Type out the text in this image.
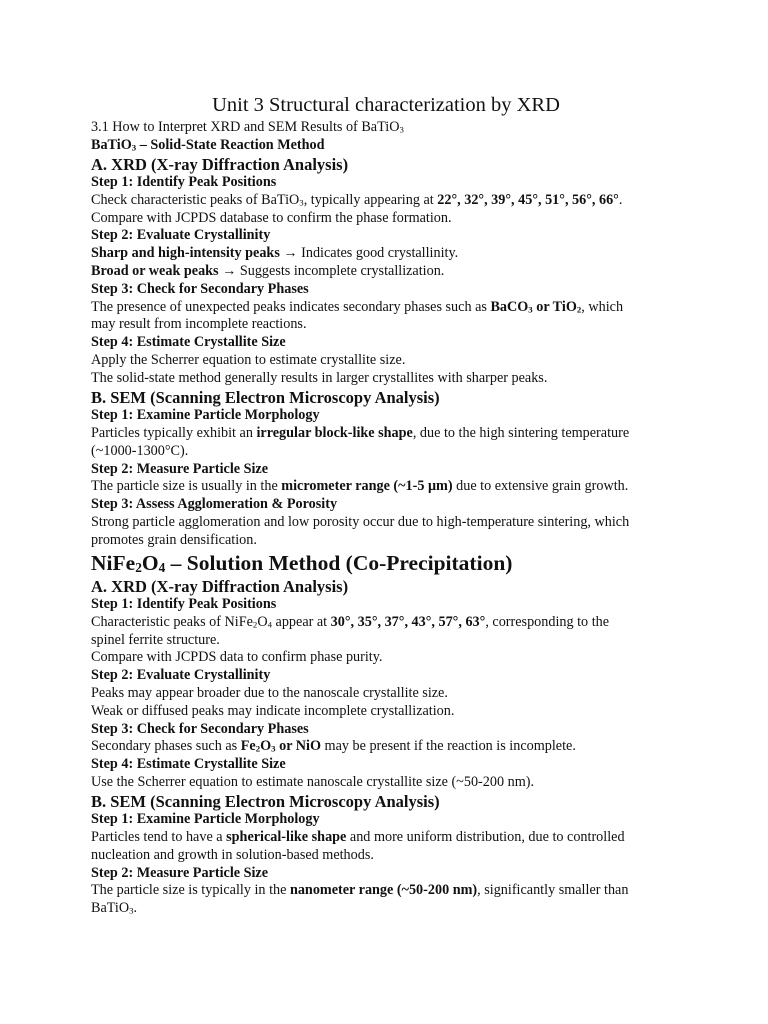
Unit 3 Structural characterization by XRD
3.1 How to Interpret XRD and SEM Results of BaTiO$_3$
BaTiO$_3$ – Solid-State Reaction Method
A. XRD (X-ray Diffraction Analysis)
Step 1: Identify Peak Positions
Check characteristic peaks of BaTiO$_3$, typically appearing at 22°, 32°, 39°, 45°, 51°, 56°, 66°.
Compare with JCPDS database to confirm the phase formation.
Step 2: Evaluate Crystallinity
Sharp and high-intensity peaks → Indicates good crystallinity.
Broad or weak peaks → Suggests incomplete crystallization.
Step 3: Check for Secondary Phases
The presence of unexpected peaks indicates secondary phases such as BaCO$_3$ or TiO$_2$, which
may result from incomplete reactions.
Step 4: Estimate Crystallite Size
Apply the Scherrer equation to estimate crystallite size.
The solid-state method generally results in larger crystallites with sharper peaks.
B. SEM (Scanning Electron Microscopy Analysis)
Step 1: Examine Particle Morphology
Particles typically exhibit an irregular block-like shape, due to the high sintering temperature
(~1000-1300°C).
Step 2: Measure Particle Size
The particle size is usually in the micrometer range (~1-5 μm) due to extensive grain growth.
Step 3: Assess Agglomeration & Porosity
Strong particle agglomeration and low porosity occur due to high-temperature sintering, which
promotes grain densification.
$NiFe_2O_4$ – Solution Method (Co-Precipitation)
A. XRD (X-ray Diffraction Analysis)
Step 1: Identify Peak Positions
Characteristic peaks of $NiFe_2O_4$ appear at 30°, 35°, 37°, 43°, 57°, 63°, corresponding to the
spinel ferrite structure.
Compare with JCPDS data to confirm phase purity.
Step 2: Evaluate Crystallinity
Peaks may appear broader due to the nanoscale crystallite size.
Weak or diffused peaks may indicate incomplete crystallization.
Step 3: Check for Secondary Phases
Secondary phases such as $Fe_2O_3$ or NiO may be present if the reaction is incomplete.
Step 4: Estimate Crystallite Size
Use the Scherrer equation to estimate nanoscale crystallite size (~50-200 nm).
B. SEM (Scanning Electron Microscopy Analysis)
Step 1: Examine Particle Morphology
Particles tend to have a spherical-like shape and more uniform distribution, due to controlled
nucleation and growth in solution-based methods.
Step 2: Measure Particle Size
The particle size is typically in the nanometer range (~50-200 nm), significantly smaller than
BaTiO$_3$.
